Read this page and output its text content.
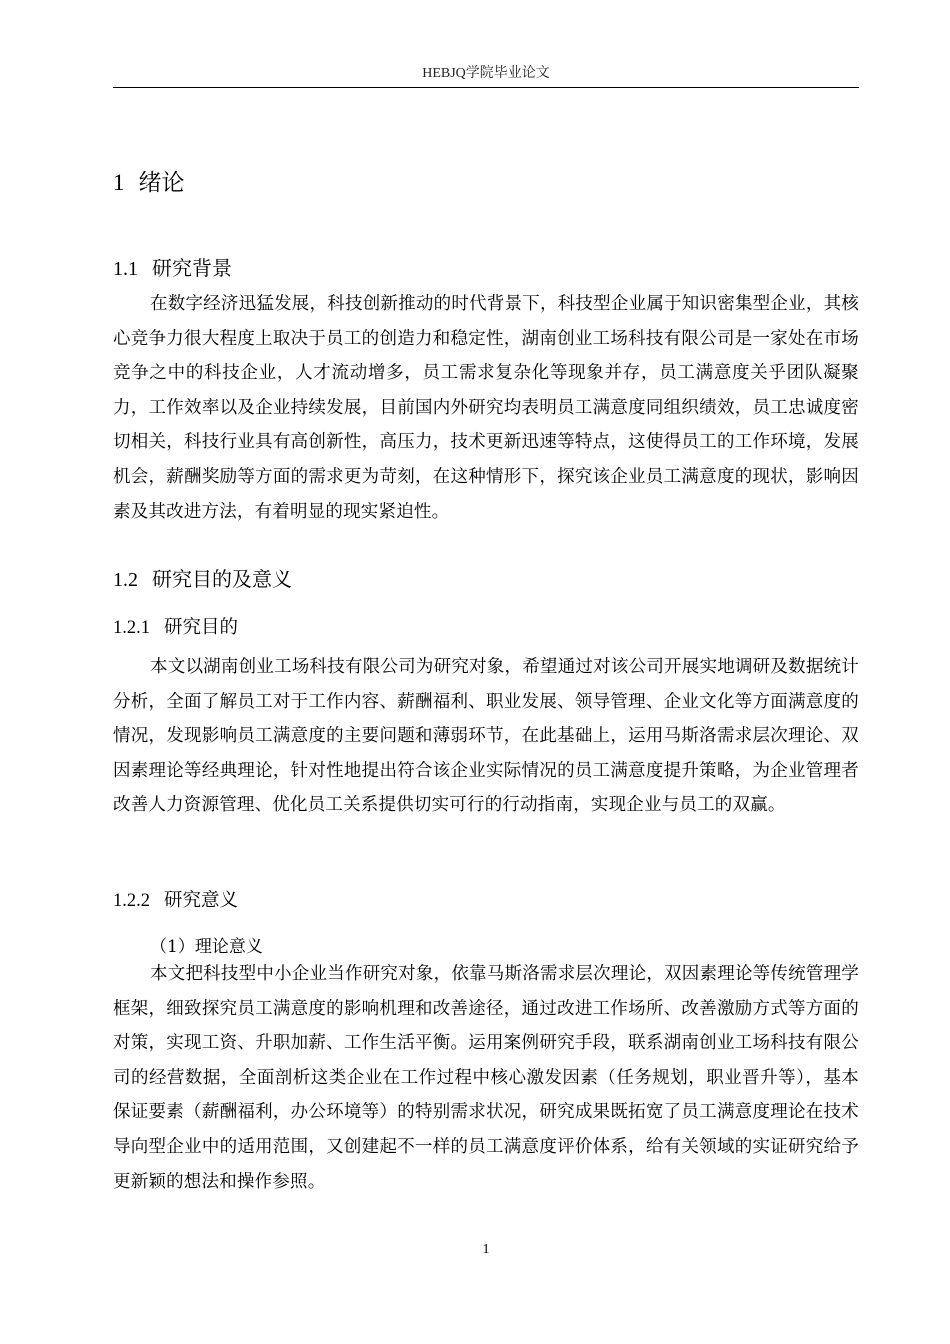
HEBJQ学院毕业论文
1 绪论
1.1 研究背景

在数字经济迅猛发展，科技创新推动的时代背景下，科技型企业属于知识密集型企业，其核心竞争力很大程度上取决于员工的创造力和稳定性，湖南创业工场科技有限公司是一家处在市场竞争之中的科技企业，人才流动增多，员工需求复杂化等现象并存，员工满意度关乎团队凝聚力，工作效率以及企业持续发展，目前国内外研究均表明员工满意度同组织绩效，员工忠诚度密切相关，科技行业具有高创新性，高压力，技术更新迅速等特点，这使得员工的工作环境，发展机会，薪酬奖励等方面的需求更为苛刻，在这种情形下，探究该企业员工满意度的现状，影响因素及其改进方法，有着明显的现实紧迫性。

1.2 研究目的及意义
1.2.1 研究目的

本文以湖南创业工场科技有限公司为研究对象，希望通过对该公司开展实地调研及数据统计分析，全面了解员工对于工作内容、薪酬福利、职业发展、领导管理、企业文化等方面满意度的情况，发现影响员工满意度的主要问题和薄弱环节，在此基础上，运用马斯洛需求层次理论、双因素理论等经典理论，针对性地提出符合该企业实际情况的员工满意度提升策略，为企业管理者改善人力资源管理、优化员工关系提供切实可行的行动指南，实现企业与员工的双赢。

1.2.2 研究意义

（1）理论意义

本文把科技型中小企业当作研究对象，依靠马斯洛需求层次理论，双因素理论等传统管理学框架，细致探究员工满意度的影响机理和改善途径，通过改进工作场所、改善激励方式等方面的对策，实现工资、升职加薪、工作生活平衡。运用案例研究手段，联系湖南创业工场科技有限公司的经营数据，全面剖析这类企业在工作过程中核心激发因素（任务规划，职业晋升等），基本保证要素（薪酬福利，办公环境等）的特别需求状况，研究成果既拓宽了员工满意度理论在技术导向型企业中的适用范围，又创建起不一样的员工满意度评价体系，给有关领域的实证研究给予更新颖的想法和操作参照。

1
